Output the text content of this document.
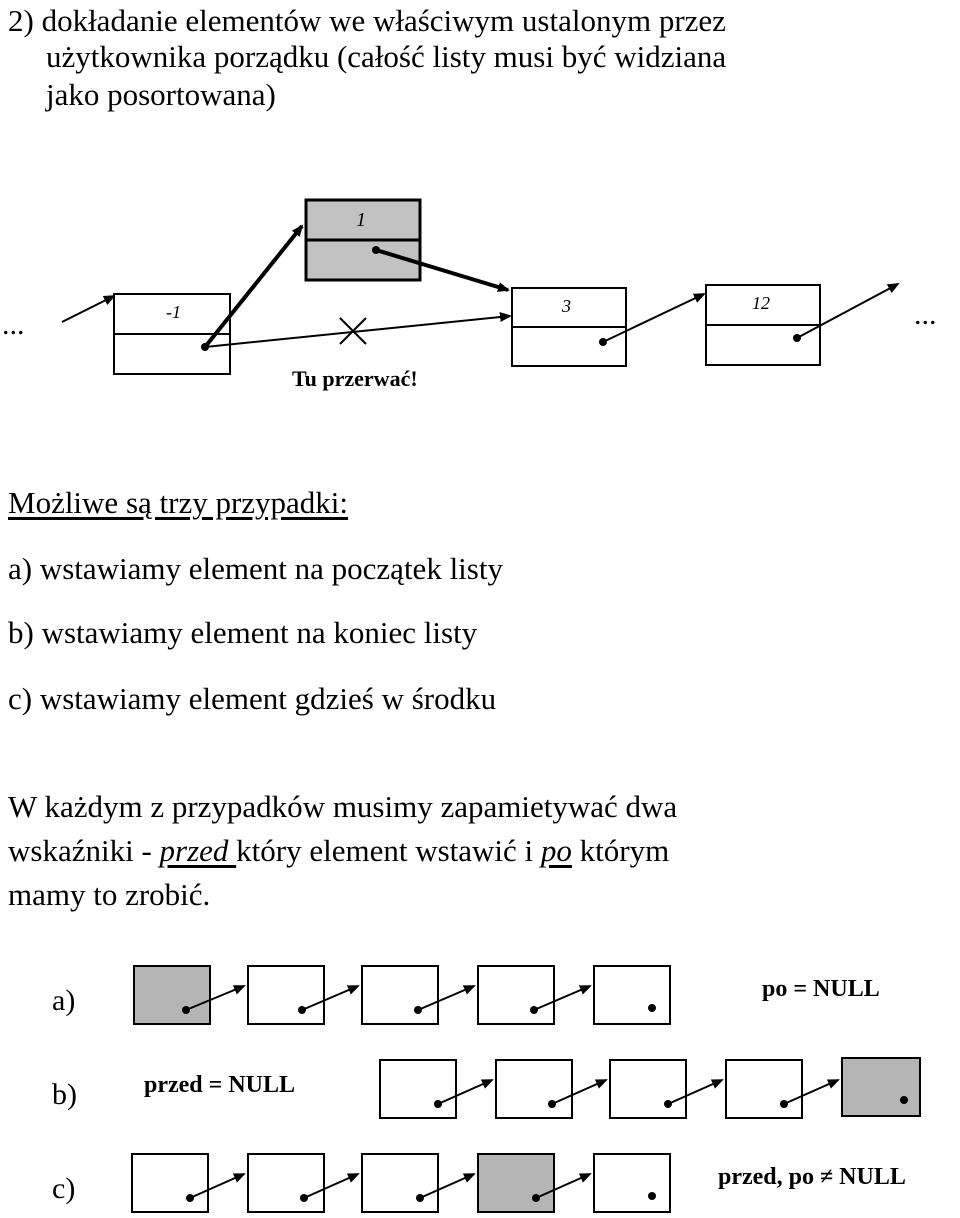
2) dokładanie elementów we właściwym ustalonym przez
użytkownika porządku (całość listy musi być widziana
jako posortowana)
...	...
-1
1
Tu przerwać!
3	12
Możliwe są trzy przypadki:
a) wstawiamy element na początek listy
b) wstawiamy element na koniec listy
c) wstawiamy element gdzieś w środku
W każdym z przypadków musimy zapamietywać dwa
wskaźniki - przed który element wstawić i po którym
mamy to zrobić.
a)	po = NULL
b)	przed = NULL
c)	przed, po ≠ NULL
